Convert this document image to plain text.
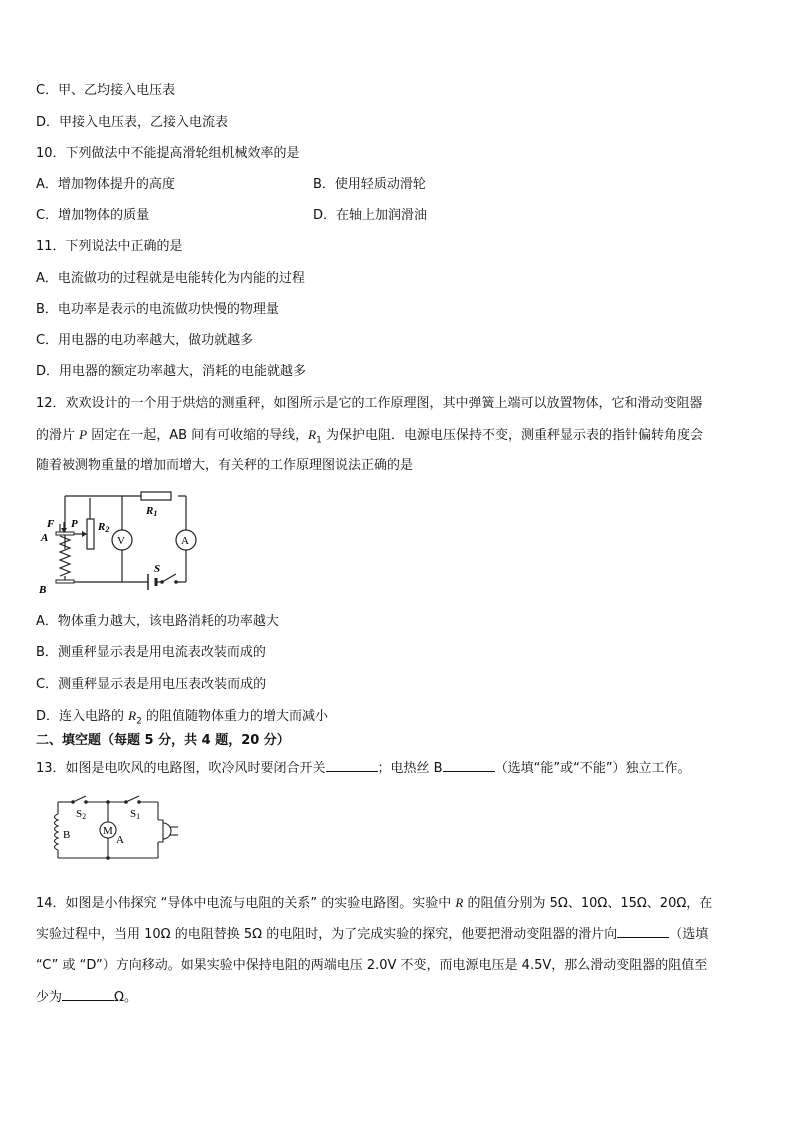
C．甲、乙均接入电压表
D．甲接入电压表，乙接入电流表
10．下列做法中不能提高滑轮组机械效率的是
A．增加物体提升的高度	B．使用轻质动滑轮
C．增加物体的质量	D．在轴上加润滑油
11．下列说法中正确的是
A．电流做功的过程就是电能转化为内能的过程
B．电功率是表示的电流做功快慢的物理量
C．用电器的电功率越大，做功就越多
D．用电器的额定功率越大，消耗的电能就越多
12．欢欢设计的一个用于烘焙的测重秤，如图所示是它的工作原理图，其中弹簧上端可以放置物体，它和滑动变阻器
的滑片 P 固定在一起，AB 间有可收缩的导线，$R_1$ 为保护电阻．电源电压保持不变，测重秤显示表的指针偏转角度会
随着被测物重量的增加而增大，有关秤的工作原理图说法正确的是
F P
A
B
R2
R1
V	A
S
A．物体重力越大，该电路消耗的功率越大
B．测重秤显示表是用电流表改装而成的
C．测重秤显示表是用电压表改装而成的
D．连入电路的 $R_2$ 的阻值随物体重力的增大而减小
二、填空题（每题 5 分，共 4 题，20 分）
13．如图是电吹风的电路图，吹冷风时要闭合开关	；电热丝 B	（选填“能”或“不能”）独立工作。
S2	S1
B	M
A
14．如图是小伟探究 “导体中电流与电阻的关系” 的实验电路图。实验中 R 的阻值分别为 5Ω、10Ω、15Ω、20Ω，在
实验过程中，当用 10Ω 的电阻替换 5Ω 的电阻时，为了完成实验的探究，他要把滑动变阻器的滑片向	（选填
“C” 或 “D”）方向移动。如果实验中保持电阻的两端电压 2.0V 不变，而电源电压是 4.5V，那么滑动变阻器的阻值至
少为	Ω。
